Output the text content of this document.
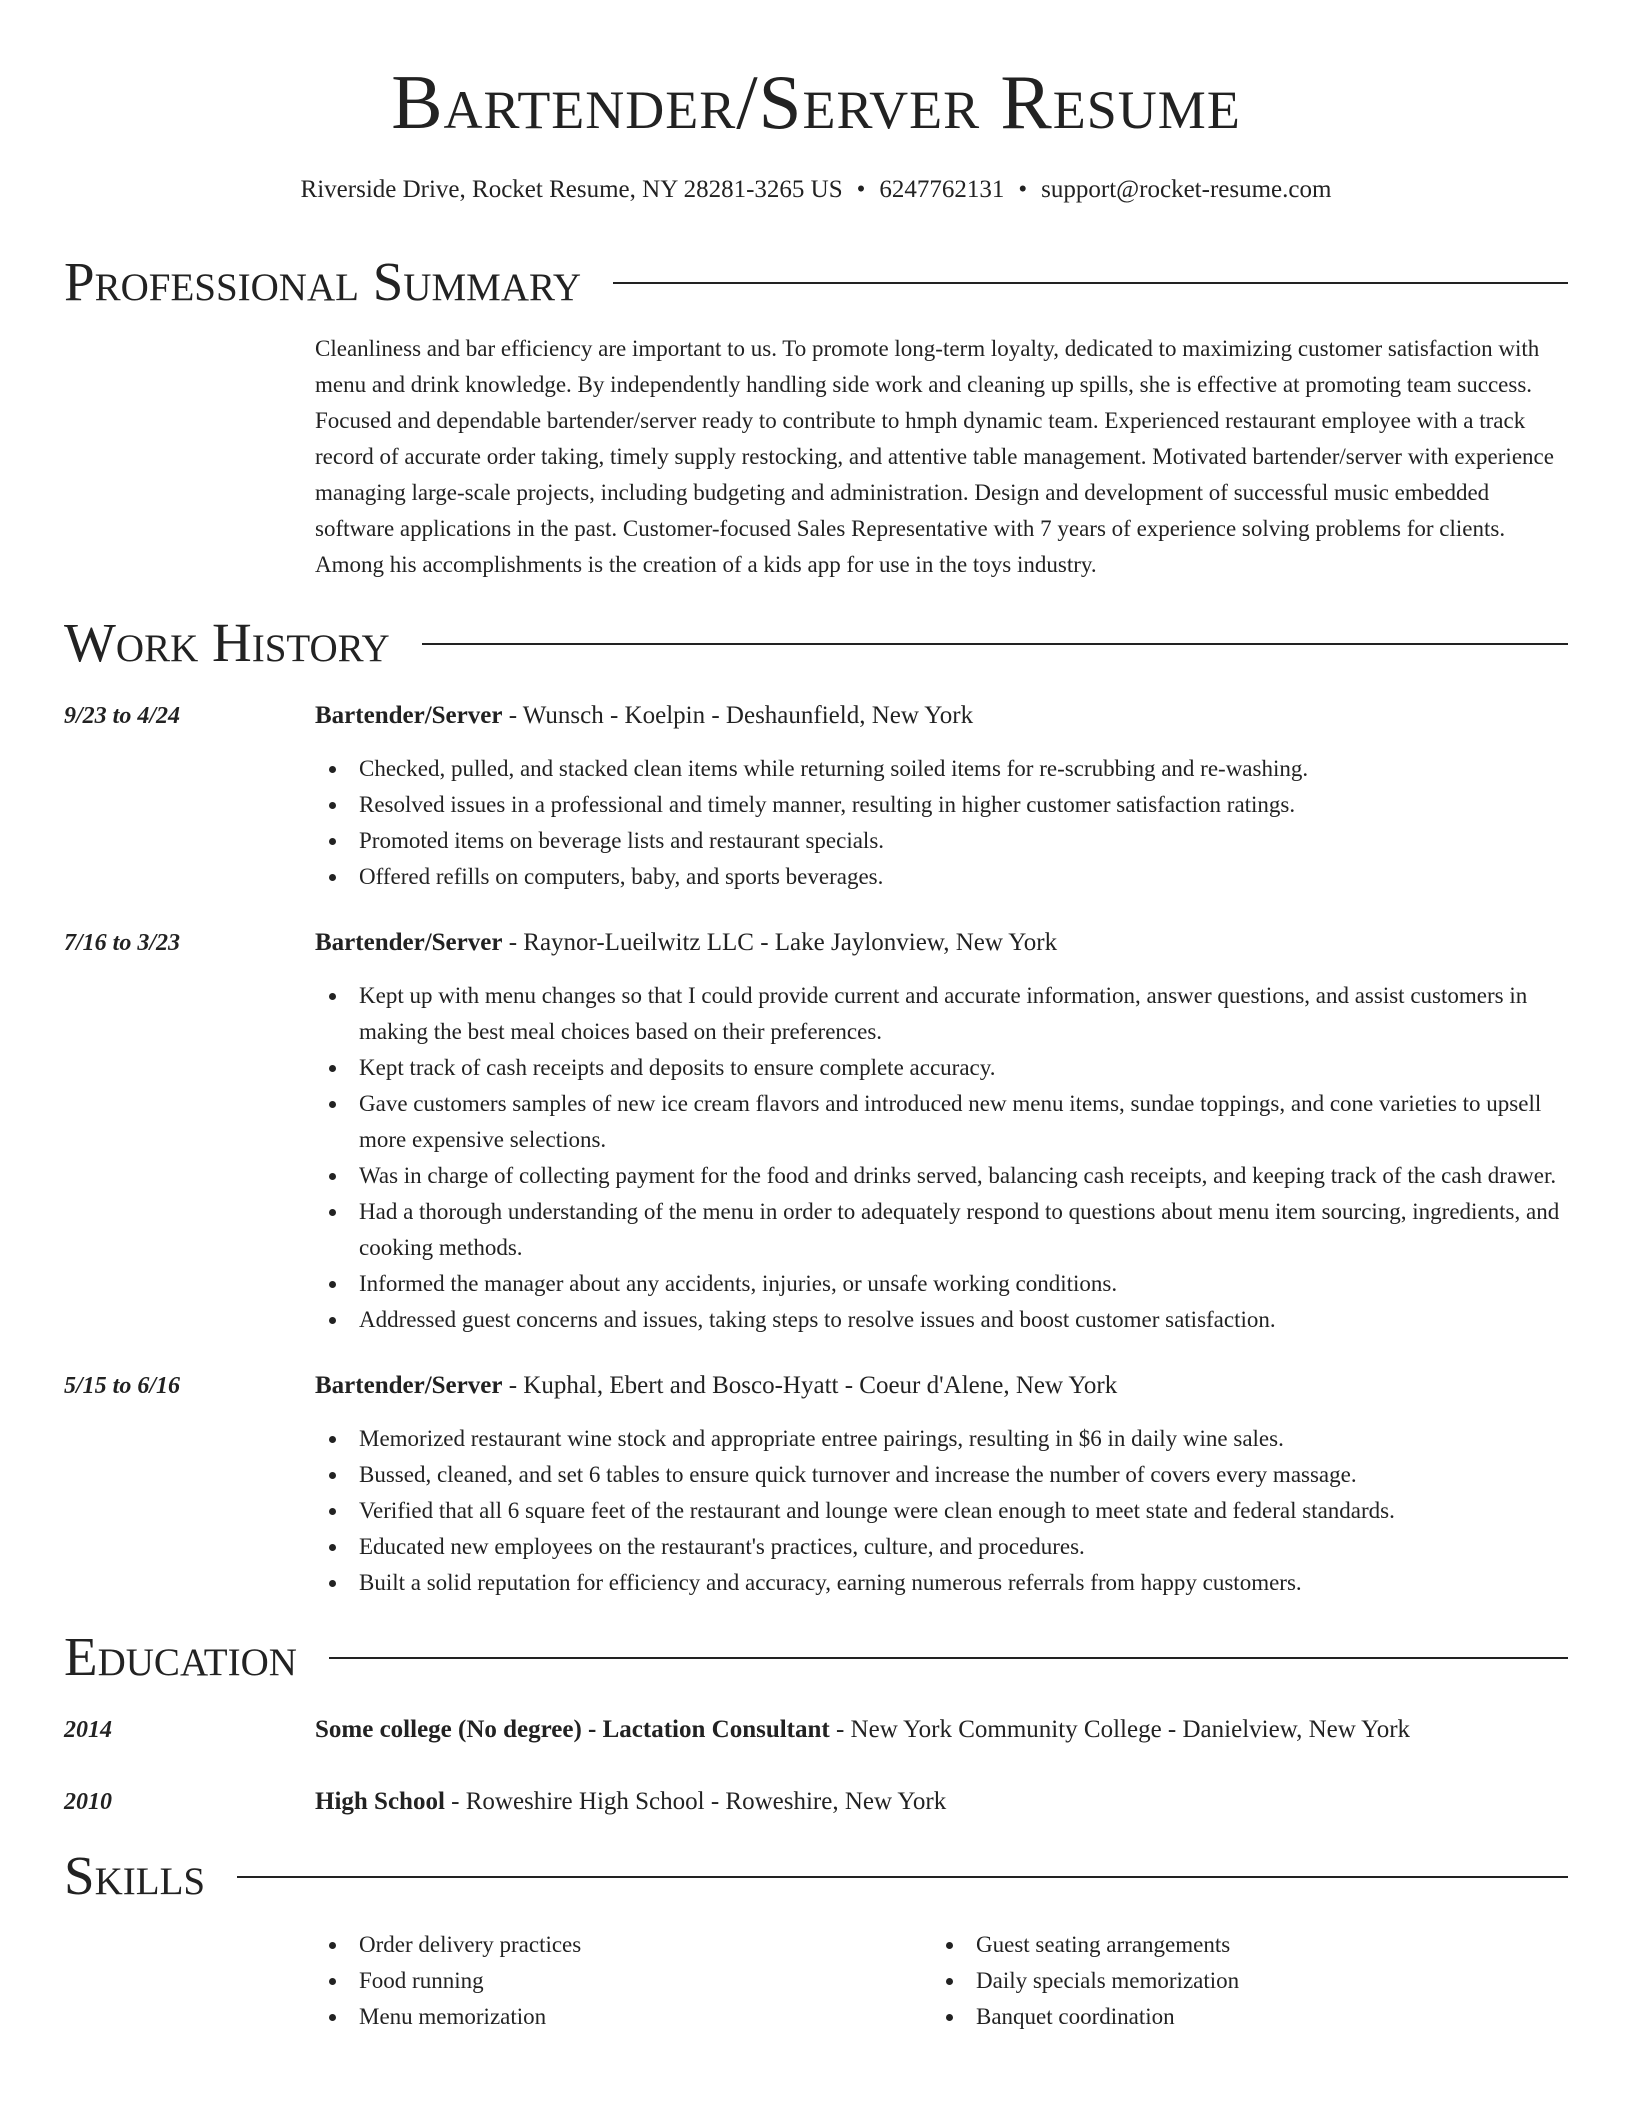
Bartender/Server Resume
Riverside Drive, Rocket Resume, NY 28281-3265 US • 6247762131 • support@rocket-resume.com
Professional Summary

Cleanliness and bar efficiency are important to us. To promote long-term loyalty, dedicated to maximizing customer satisfaction with menu and drink knowledge. By independently handling side work and cleaning up spills, she is effective at promoting team success. Focused and dependable bartender/server ready to contribute to hmph dynamic team. Experienced restaurant employee with a track record of accurate order taking, timely supply restocking, and attentive table management. Motivated bartender/server with experience managing large-scale projects, including budgeting and administration. Design and development of successful music embedded software applications in the past. Customer-focused Sales Representative with 7 years of experience solving problems for clients. Among his accomplishments is the creation of a kids app for use in the toys industry.

Work History
9/23 to 4/24	Bartender/Server - Wunsch - Koelpin - Deshaunfield, New York
Checked, pulled, and stacked clean items while returning soiled items for re-scrubbing and re-washing.
Resolved issues in a professional and timely manner, resulting in higher customer satisfaction ratings.
Promoted items on beverage lists and restaurant specials.
Offered refills on computers, baby, and sports beverages.
7/16 to 3/23	Bartender/Server - Raynor-Lueilwitz LLC - Lake Jaylonview, New York
Kept up with menu changes so that I could provide current and accurate information, answer questions, and assist customers in making the best meal choices based on their preferences.
Kept track of cash receipts and deposits to ensure complete accuracy.
Gave customers samples of new ice cream flavors and introduced new menu items, sundae toppings, and cone varieties to upsell more expensive selections.
Was in charge of collecting payment for the food and drinks served, balancing cash receipts, and keeping track of the cash drawer.
Had a thorough understanding of the menu in order to adequately respond to questions about menu item sourcing, ingredients, and cooking methods.
Informed the manager about any accidents, injuries, or unsafe working conditions.
Addressed guest concerns and issues, taking steps to resolve issues and boost customer satisfaction.
5/15 to 6/16	Bartender/Server - Kuphal, Ebert and Bosco-Hyatt - Coeur d'Alene, New York
Memorized restaurant wine stock and appropriate entree pairings, resulting in $6 in daily wine sales.
Bussed, cleaned, and set 6 tables to ensure quick turnover and increase the number of covers every massage.
Verified that all 6 square feet of the restaurant and lounge were clean enough to meet state and federal standards.
Educated new employees on the restaurant's practices, culture, and procedures.
Built a solid reputation for efficiency and accuracy, earning numerous referrals from happy customers.
Education
2014	Some college (No degree) - Lactation Consultant - New York Community College - Danielview, New York
2010	High School - Roweshire High School - Roweshire, New York
Skills
Order delivery practices
Food running
Menu memorization
Guest seating arrangements
Daily specials memorization
Banquet coordination
